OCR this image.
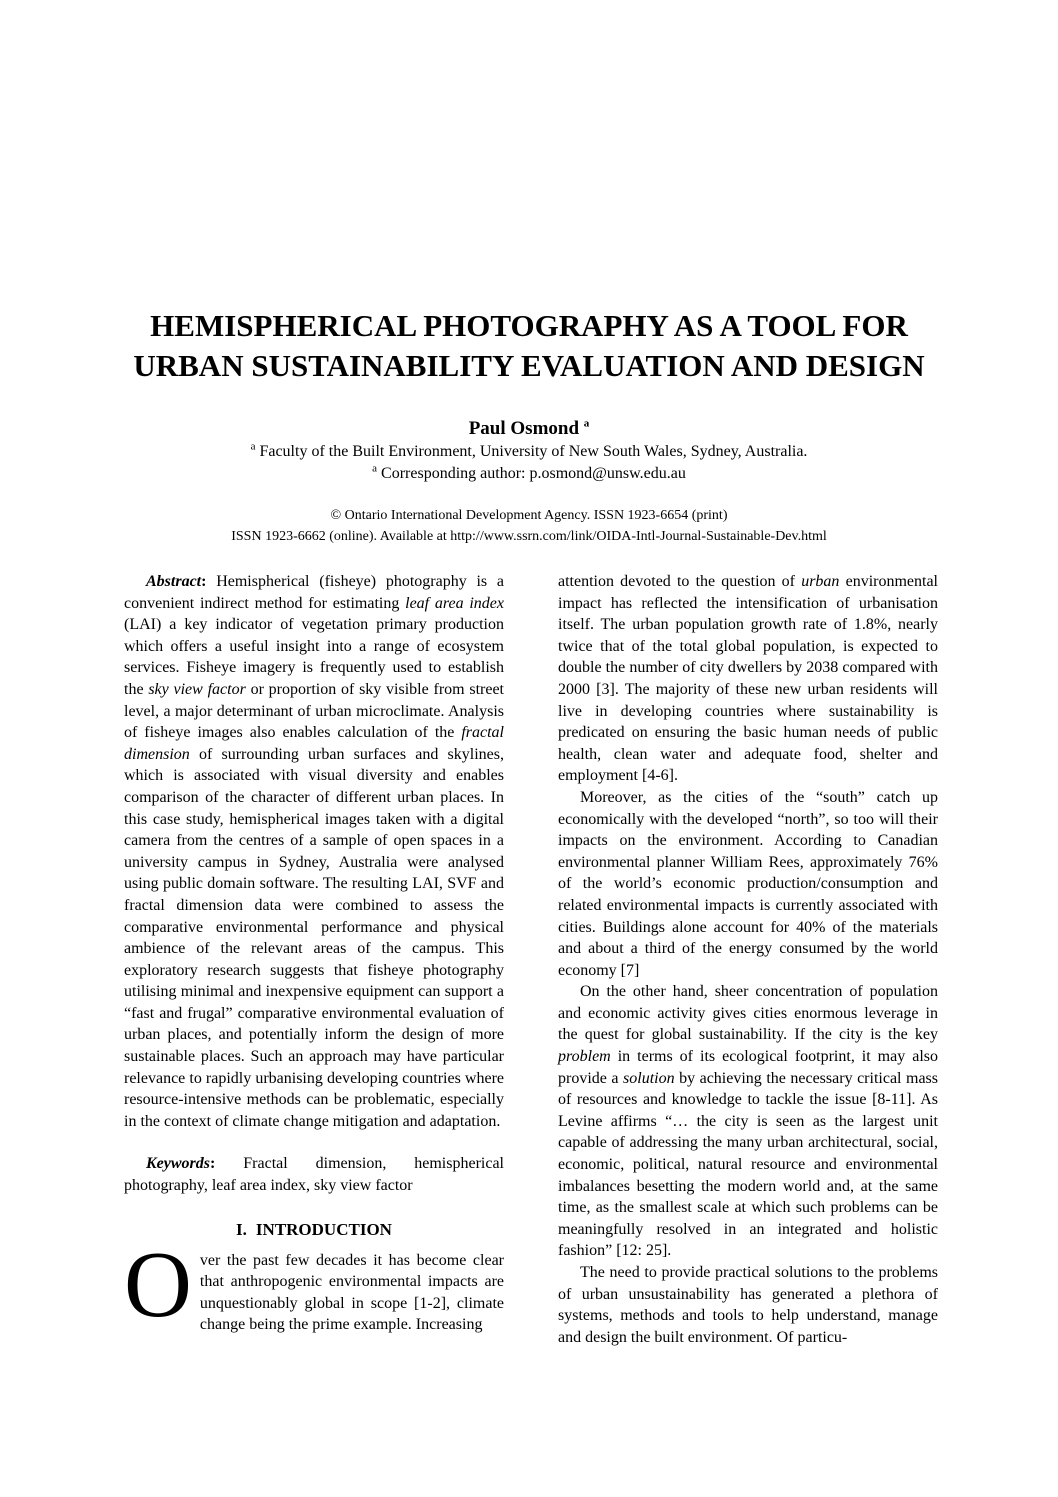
HEMISPHERICAL PHOTOGRAPHY AS A TOOL FOR
URBAN SUSTAINABILITY EVALUATION AND DESIGN
Paul Osmond $^a$
$^a$ Faculty of the Built Environment, University of New South Wales, Sydney, Australia.
$^a$ Corresponding author: p.osmond@unsw.edu.au
© Ontario International Development Agency. ISSN 1923-6654 (print)
ISSN 1923-6662 (online). Available at http://www.ssrn.com/link/OIDA-Intl-Journal-Sustainable-Dev.html

Abstract: Hemispherical (fisheye) photography is a convenient indirect method for estimating leaf area index (LAI) a key indicator of vegetation primary production which offers a useful insight into a range of ecosystem services. Fisheye imagery is frequently used to establish the sky view factor or proportion of sky visible from street level, a major determinant of urban microclimate. Analysis of fisheye images also enables calculation of the fractal dimension of surrounding urban surfaces and skylines, which is associated with visual diversity and enables comparison of the character of different urban places. In this case study, hemispherical images taken with a digital camera from the centres of a sample of open spaces in a university campus in Sydney, Australia were analysed using public domain software. The resulting LAI, SVF and fractal dimension data were combined to assess the comparative environmental performance and physical ambience of the relevant areas of the campus. This exploratory research suggests that fisheye photography utilising minimal and inexpensive equipment can support a “fast and frugal” comparative environmental evaluation of urban places, and potentially inform the design of more sustainable places. Such an approach may have particular relevance to rapidly urbanising developing countries where resource-intensive methods can be problematic, especially in the context of climate change mitigation and adaptation.

Keywords: Fractal dimension, hemispherical photography, leaf area index, sky view factor

I. INTRODUCTION

Over the past few decades it has become clear that anthropogenic environmental impacts are unquestionably global in scope [1-2], climate change being the prime example. Increasing

attention devoted to the question of urban environmental impact has reflected the intensification of urbanisation itself. The urban population growth rate of 1.8%, nearly twice that of the total global population, is expected to double the number of city dwellers by 2038 compared with 2000 [3]. The majority of these new urban residents will live in developing countries where sustainability is predicated on ensuring the basic human needs of public health, clean water and adequate food, shelter and employment [4-6].

Moreover, as the cities of the “south” catch up economically with the developed “north”, so too will their impacts on the environment. According to Canadian environmental planner William Rees, approximately 76% of the world’s economic production/consumption and related environmental impacts is currently associated with cities. Buildings alone account for 40% of the materials and about a third of the energy consumed by the world economy [7]

On the other hand, sheer concentration of population and economic activity gives cities enormous leverage in the quest for global sustainability. If the city is the key problem in terms of its ecological footprint, it may also provide a solution by achieving the necessary critical mass of resources and knowledge to tackle the issue [8-11]. As Levine affirms “… the city is seen as the largest unit capable of addressing the many urban architectural, social, economic, political, natural resource and environmental imbalances besetting the modern world and, at the same time, as the smallest scale at which such problems can be meaningfully resolved in an integrated and holistic fashion” [12: 25].

The need to provide practical solutions to the problems of urban unsustainability has generated a plethora of systems, methods and tools to help understand, manage and design the built environment. Of particu-
